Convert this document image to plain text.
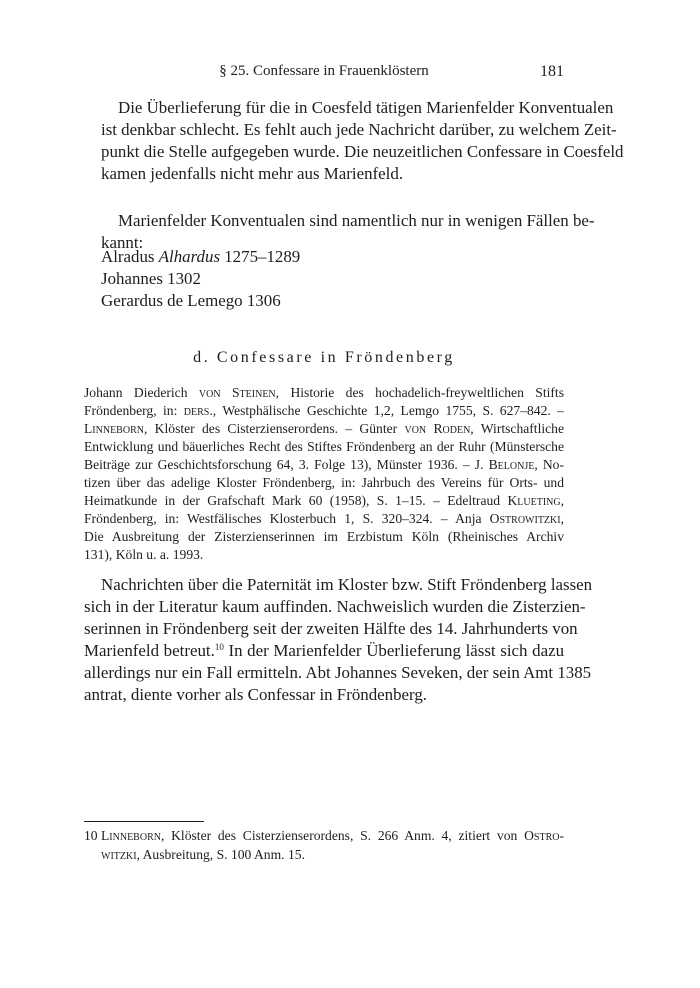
§ 25. Confessare in Frauenklöstern	181
Die Überlieferung für die in Coesfeld tätigen Marienfelder Konventualen
ist denkbar schlecht. Es fehlt auch jede Nachricht darüber, zu welchem Zeit-
punkt die Stelle aufgegeben wurde. Die neuzeitlichen Confessare in Coesfeld
kamen jedenfalls nicht mehr aus Marienfeld.
Marienfelder Konventualen sind namentlich nur in wenigen Fällen be-
kannt:
Alradus Alhardus 1275–1289
Johannes 1302
Gerardus de Lemego 1306
d. Confessare in Fröndenberg
Johann Diederich von Steinen, Historie des hochadelich-freyweltlichen Stifts
Fröndenberg, in: ders., Westphälische Geschichte 1,2, Lemgo 1755, S. 627–842. –
Linneborn, Klöster des Cisterzienserordens. – Günter von Roden, Wirtschaftliche
Entwicklung und bäuerliches Recht des Stiftes Fröndenberg an der Ruhr (Münstersche
Beiträge zur Geschichtsforschung 64, 3. Folge 13), Münster 1936. – J. Belonje, No-
tizen über das adelige Kloster Fröndenberg, in: Jahrbuch des Vereins für Orts- und
Heimatkunde in der Grafschaft Mark 60 (1958), S. 1–15. – Edeltraud Klueting,
Fröndenberg, in: Westfälisches Klosterbuch 1, S. 320–324. – Anja Ostrowitzki,
Die Ausbreitung der Zisterzienserinnen im Erzbistum Köln (Rheinisches Archiv
131), Köln u. a. 1993.
Nachrichten über die Paternität im Kloster bzw. Stift Fröndenberg lassen
sich in der Literatur kaum auffinden. Nachweislich wurden die Zisterzien-
serinnen in Fröndenberg seit der zweiten Hälfte des 14. Jahrhunderts von
Marienfeld betreut.$^{10}$ In der Marienfelder Überlieferung lässt sich dazu
allerdings nur ein Fall ermitteln. Abt Johannes Seveken, der sein Amt 1385
antrat, diente vorher als Confessar in Fröndenberg.
10 Linneborn, Klöster des Cisterzienserordens, S. 266 Anm. 4, zitiert von Ostro-
witzki, Ausbreitung, S. 100 Anm. 15.
